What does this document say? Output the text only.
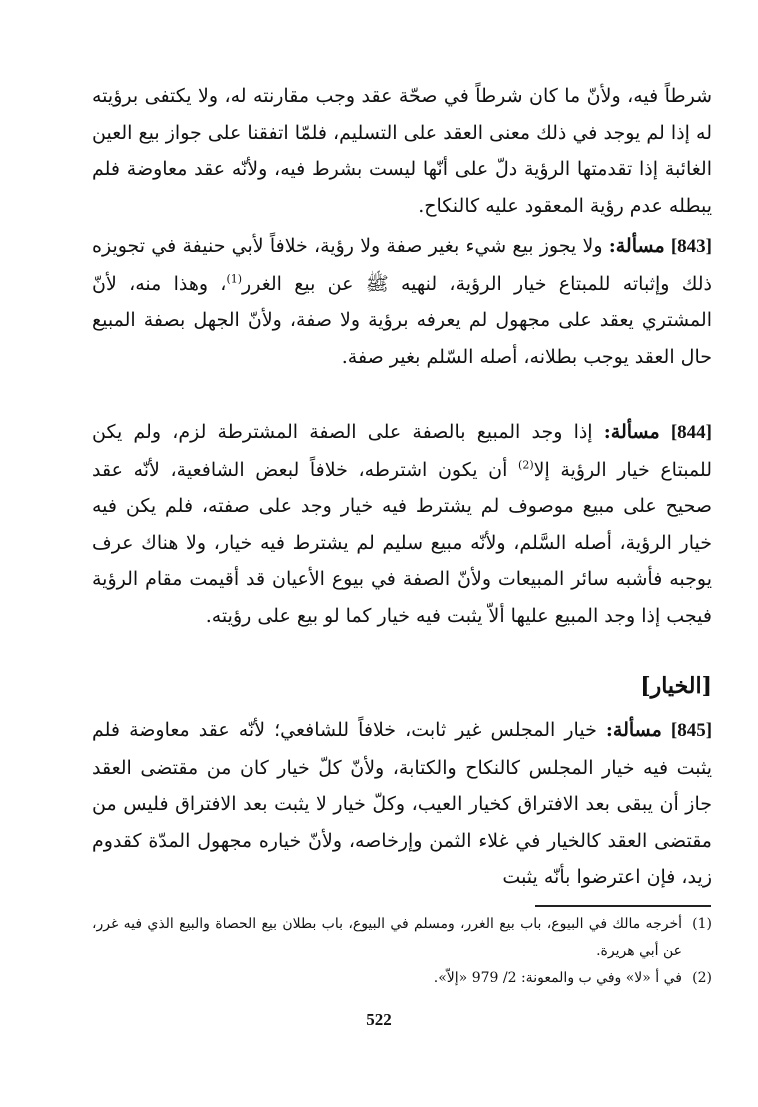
شرطاً فيه، ولأنّ ما كان شرطاً في صحّة عقد وجب مقارنته له، ولا يكتفى برؤيته له إذا لم يوجد في ذلك معنى العقد على التسليم، فلمّا اتفقنا على جواز بيع العين الغائبة إذا تقدمتها الرؤية دلّ على أنّها ليست بشرط فيه، ولأنّه عقد معاوضة فلم يبطله عدم رؤية المعقود عليه كالنكاح.

[843] مسألة: ولا يجوز بيع شيء بغير صفة ولا رؤية، خلافاً لأبي حنيفة في تجويزه ذلك وإثباته للمبتاع خيار الرؤية، لنهيه ﷺ عن بيع الغرر$^{(1)}$، وهذا منه، لأنّ المشتري يعقد على مجهول لم يعرفه برؤية ولا صفة، ولأنّ الجهل بصفة المبيع حال العقد يوجب بطلانه، أصله السّلم بغير صفة.

[844] مسألة: إذا وجد المبيع بالصفة على الصفة المشترطة لزم، ولم يكن للمبتاع خيار الرؤية إلا$^{(2)}$ أن يكون اشترطه، خلافاً لبعض الشافعية، لأنّه عقد صحيح على مبيع موصوف لم يشترط فيه خيار وجد على صفته، فلم يكن فيه خيار الرؤية، أصله السَّلم، ولأنّه مبيع سليم لم يشترط فيه خيار، ولا هناك عرف يوجبه فأشبه سائر المبيعات ولأنّ الصفة في بيوع الأعيان قد أقيمت مقام الرؤية فيجب إذا وجد المبيع عليها ألاّ يثبت فيه خيار كما لو بيع على رؤيته.

[الخيار]

[845] مسألة: خيار المجلس غير ثابت، خلافاً للشافعي؛ لأنّه عقد معاوضة فلم يثبت فيه خيار المجلس كالنكاح والكتابة، ولأنّ كلّ خيار كان من مقتضى العقد جاز أن يبقى بعد الافتراق كخيار العيب، وكلّ خيار لا يثبت بعد الافتراق فليس من مقتضى العقد كالخيار في غلاء الثمن وإرخاصه، ولأنّ خياره مجهول المدّة كقدوم زيد، فإن اعترضوا بأنّه يثبت

(1)
أخرجه مالك في البيوع، باب بيع الغرر، ومسلم في البيوع، باب بطلان بيع الحصاة والبيع الذي فيه غرر، عن أبي هريرة.

(2)
في أ «لا» وفي ب والمعونة: 2/ 979 «إلاّ».

522
